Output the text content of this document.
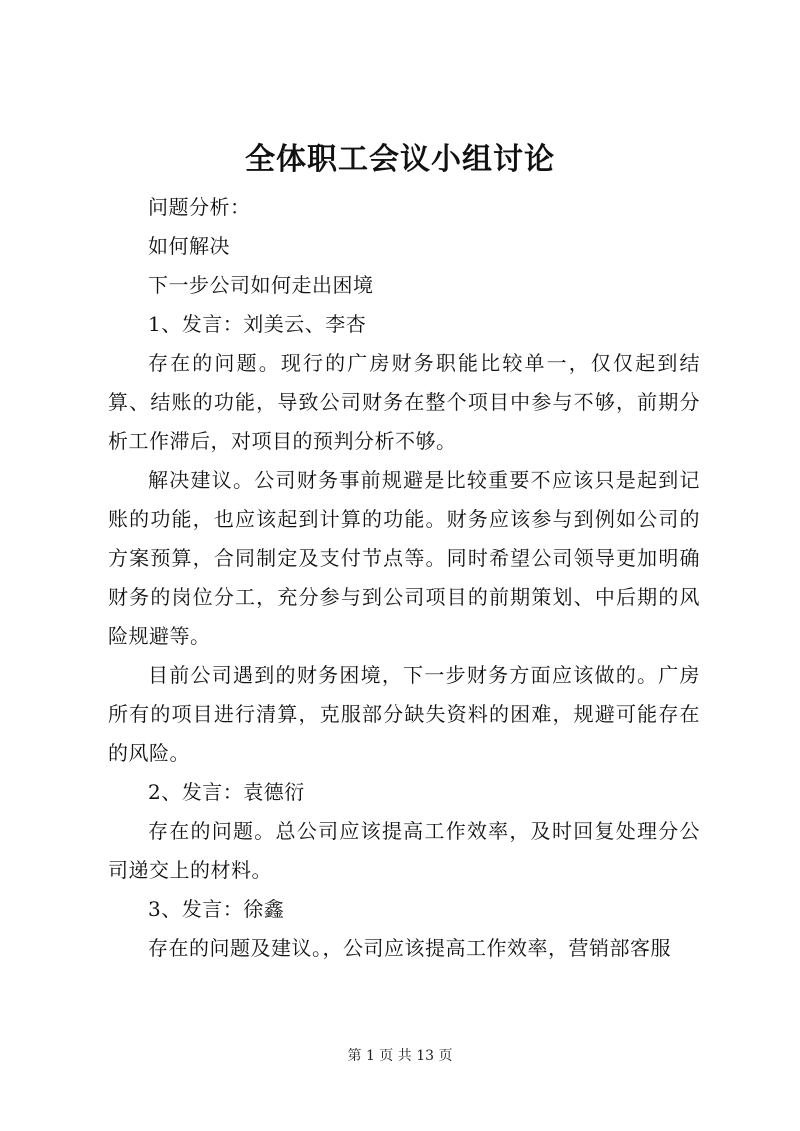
全体职工会议小组讨论

问题分析：

如何解决

下一步公司如何走出困境

1、发言：刘美云、李杏

存在的问题。现行的广房财务职能比较单一，仅仅起到结算、结账的功能，导致公司财务在整个项目中参与不够，前期分析工作滞后，对项目的预判分析不够。

解决建议。公司财务事前规避是比较重要不应该只是起到记账的功能，也应该起到计算的功能。财务应该参与到例如公司的方案预算，合同制定及支付节点等。同时希望公司领导更加明确财务的岗位分工，充分参与到公司项目的前期策划、中后期的风险规避等。

目前公司遇到的财务困境，下一步财务方面应该做的。广房所有的项目进行清算，克服部分缺失资料的困难，规避可能存在的风险。

2、发言：袁德衍

存在的问题。总公司应该提高工作效率，及时回复处理分公司递交上的材料。

3、发言：徐鑫

存在的问题及建议。，公司应该提高工作效率，营销部客服

第 1 页 共 13 页
